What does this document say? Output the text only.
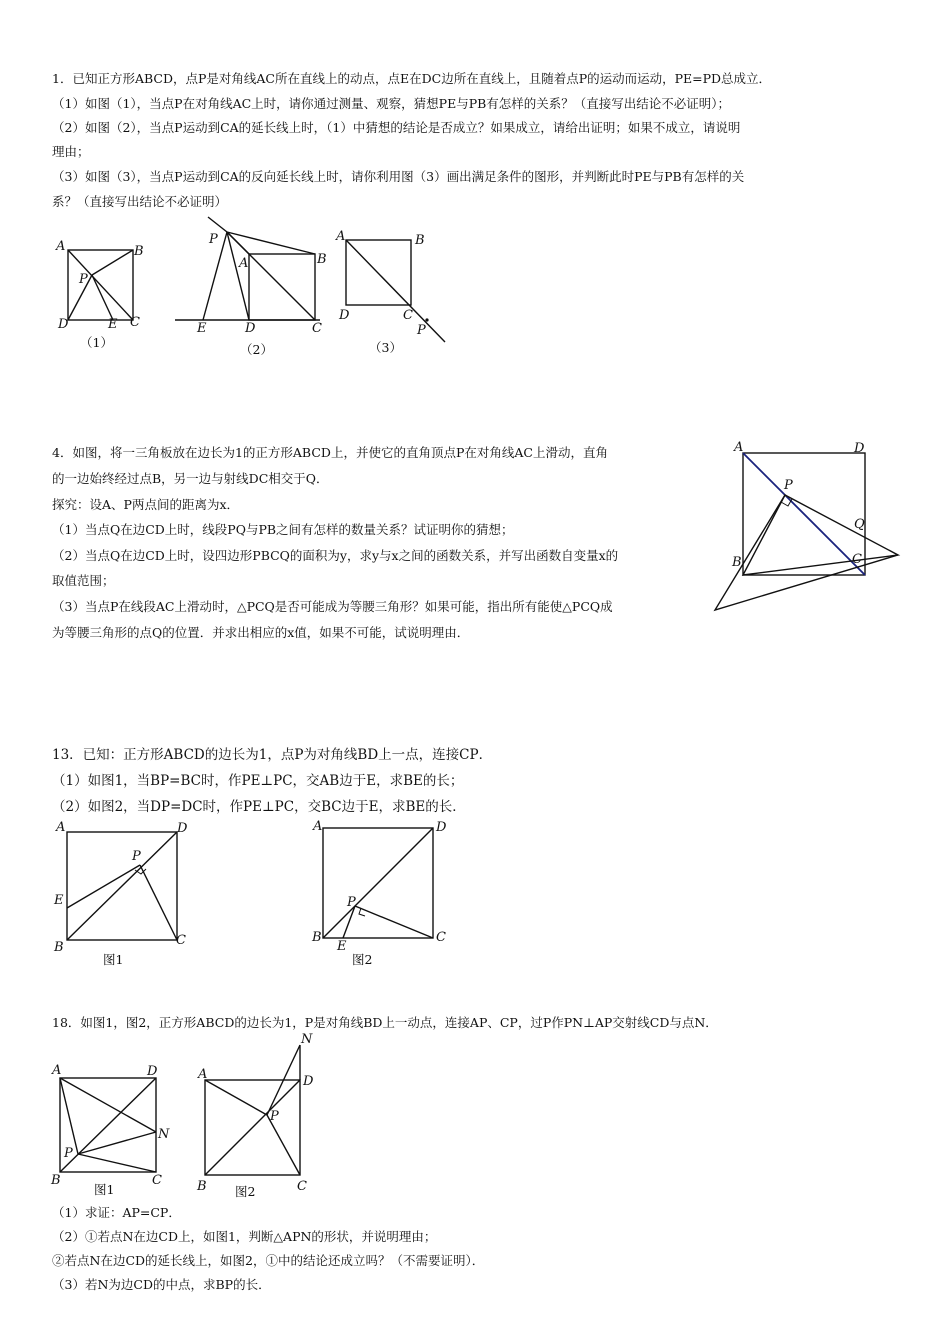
1．已知正方形ABCD，点P是对角线AC所在直线上的动点，点E在DC边所在直线上，且随着点P的运动而运动，PE=PD总成立．
（1）如图（1），当点P在对角线AC上时，请你通过测量、观察，猜想PE与PB有怎样的关系？（直接写出结论不必证明）；
（2）如图（2），当点P运动到CA的延长线上时，（1）中猜想的结论是否成立？如果成立，请给出证明；如果不成立，请说明
理由；
（3）如图（3），当点P运动到CA的反向延长线上时，请你利用图（3）画出满足条件的图形，并判断此时PE与PB有怎样的关
系？（直接写出结论不必证明）
A	B
C
D	E
P
（1）
P
A	B
C
D
E
（2）
A	B
C
D
P
（3）
4．如图，将一三角板放在边长为1的正方形ABCD上，并使它的直角顶点P在对角线AC上滑动，直角
的一边始终经过点B，另一边与射线DC相交于Q．
探究：设A、P两点间的距离为x．
（1）当点Q在边CD上时，线段PQ与PB之间有怎样的数量关系？试证明你的猜想；
（2）当点Q在边CD上时，设四边形PBCQ的面积为y，求y与x之间的函数关系，并写出函数自变量x的
取值范围；
（3）当点P在线段AC上滑动时，△PCQ是否可能成为等腰三角形？如果可能，指出所有能使△PCQ成
为等腰三角形的点Q的位置．并求出相应的x值，如果不可能，试说明理由．
A	D
B	C
P
Q
13．已知：正方形ABCD的边长为1，点P为对角线BD上一点，连接CP．
（1）如图1，当BP=BC时，作PE⊥PC，交AB边于E，求BE的长；
（2）如图2，当DP=DC时，作PE⊥PC，交BC边于E，求BE的长．
A	D
B	C
E
P
图1
A	D
B	C
E
P
图2
18．如图1，图2，正方形ABCD的边长为1，P是对角线BD上一动点，连接AP、CP，过P作PN⊥AP交射线CD与点N．
A	D
N
P
B	C
图1
N
A	D
P
B	C
图2
（1）求证：AP=CP．
（2）①若点N在边CD上，如图1，判断△APN的形状，并说明理由；
②若点N在边CD的延长线上，如图2，①中的结论还成立吗？（不需要证明）．
（3）若N为边CD的中点，求BP的长．
